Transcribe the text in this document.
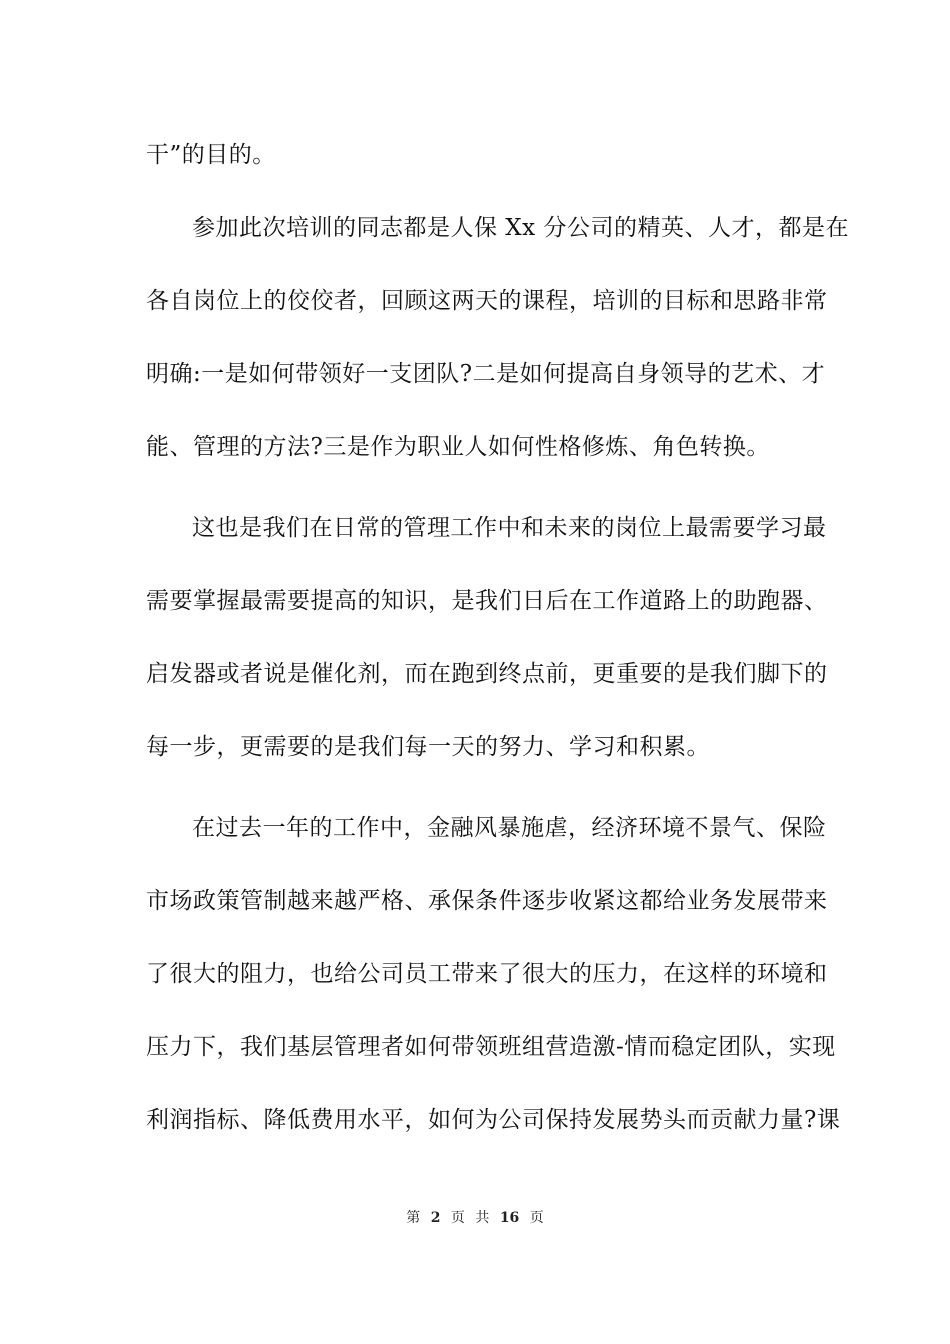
干”的目的。
参加此次培训的同志都是人保 Xx 分公司的精英、人才，都是在
各自岗位上的佼佼者，回顾这两天的课程，培训的目标和思路非常
明确:一是如何带领好一支团队?二是如何提高自身领导的艺术、才
能、管理的方法?三是作为职业人如何性格修炼、角色转换。
这也是我们在日常的管理工作中和未来的岗位上最需要学习最
需要掌握最需要提高的知识，是我们日后在工作道路上的助跑器、
启发器或者说是催化剂，而在跑到终点前，更重要的是我们脚下的
每一步，更需要的是我们每一天的努力、学习和积累。
在过去一年的工作中，金融风暴施虐，经济环境不景气、保险
市场政策管制越来越严格、承保条件逐步收紧这都给业务发展带来
了很大的阻力，也给公司员工带来了很大的压力，在这样的环境和
压力下，我们基层管理者如何带领班组营造激-情而稳定团队，实现
利润指标、降低费用水平，如何为公司保持发展势头而贡献力量?课
第 2 页 共 16 页
